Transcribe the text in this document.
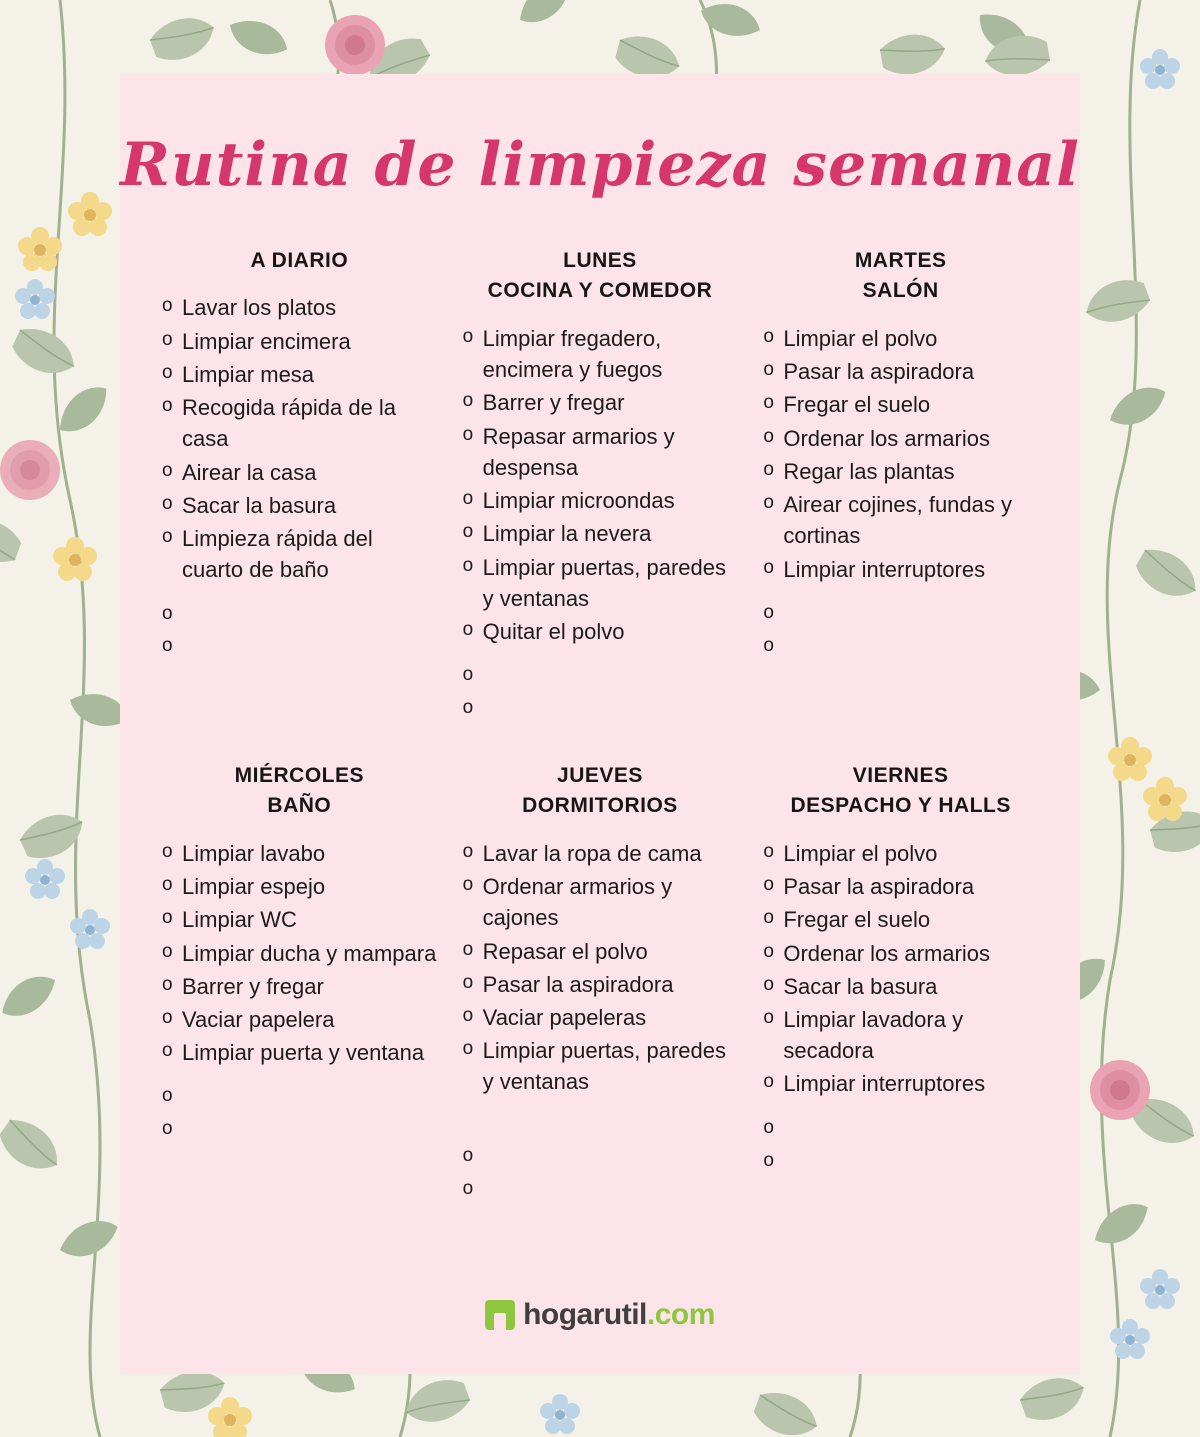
Rutina de limpieza semanal
A DIARIO
o Lavar los platos
o Limpiar encimera
o Limpiar mesa
o Recogida rápida de la casa
o Airear la casa
o Sacar la basura
o Limpieza rápida del cuarto de baño
o
o
LUNES
COCINA Y COMEDOR
o Limpiar fregadero, encimera y fuegos
o Barrer y fregar
o Repasar armarios y despensa
o Limpiar microondas
o Limpiar la nevera
o Limpiar puertas, paredes y ventanas
o Quitar el polvo
o
o
MARTES
SALÓN
o Limpiar el polvo
o Pasar la aspiradora
o Fregar el suelo
o Ordenar los armarios
o Regar las plantas
o Airear cojines, fundas y cortinas
o Limpiar interruptores
o
o
MIÉRCOLES
BAÑO
o Limpiar lavabo
o Limpiar espejo
o Limpiar WC
o Limpiar ducha y mampara
o Barrer y fregar
o Vaciar papelera
o Limpiar puerta y ventana
o
o
JUEVES
DORMITORIOS
o Lavar la ropa de cama
o Ordenar armarios y cajones
o Repasar el polvo
o Pasar la aspiradora
o Vaciar papeleras
o Limpiar puertas, paredes y ventanas
o
o
VIERNES
DESPACHO Y HALLS
o Limpiar el polvo
o Pasar la aspiradora
o Fregar el suelo
o Ordenar los armarios
o Sacar la basura
o Limpiar lavadora y secadora
o Limpiar interruptores
o
o
hogarutil.com
